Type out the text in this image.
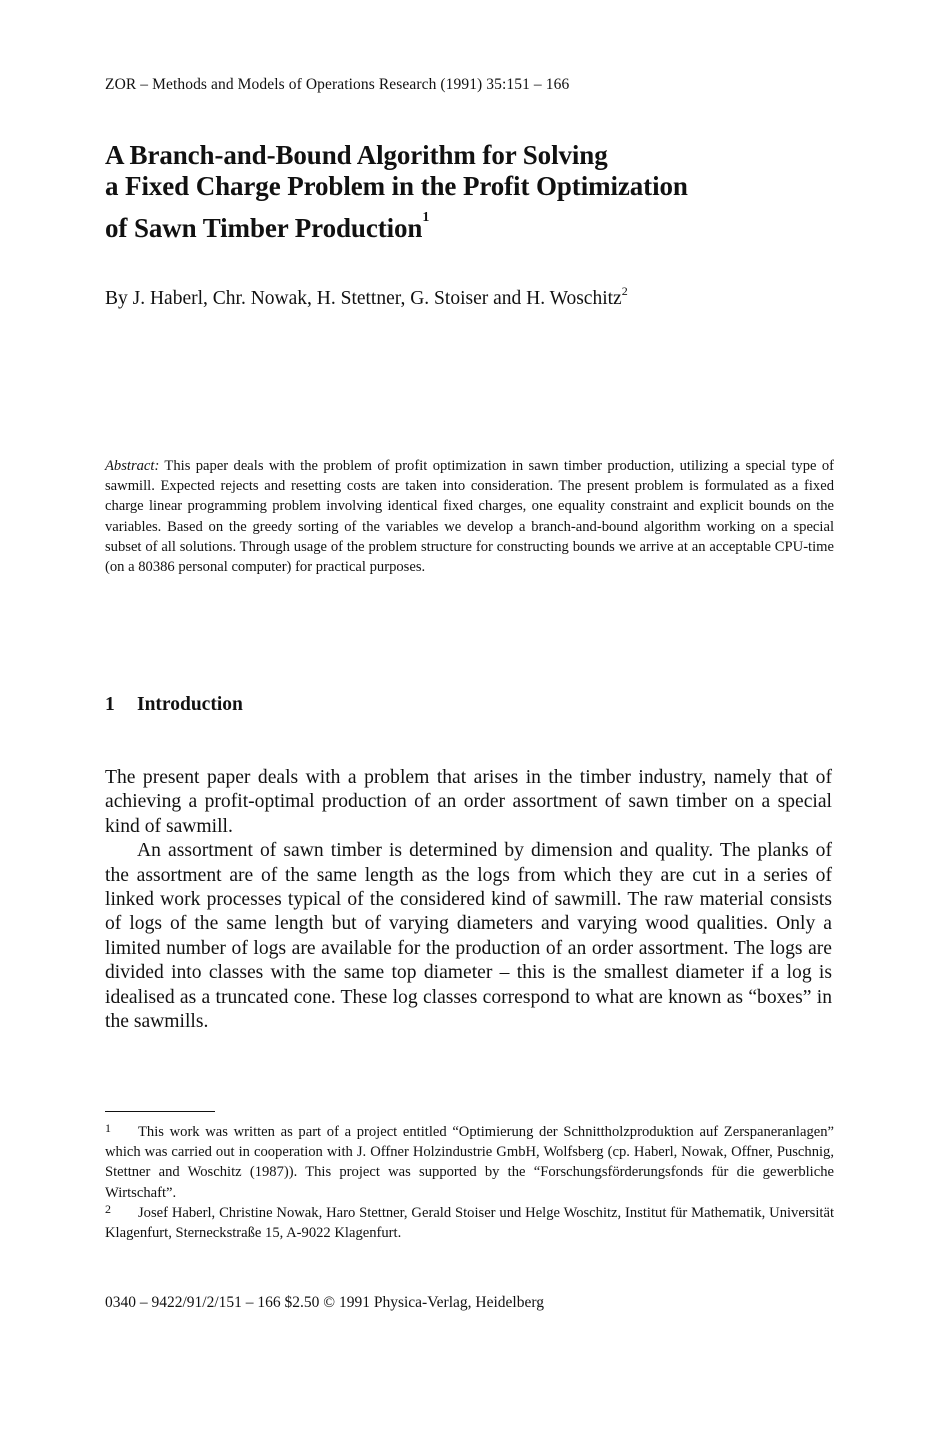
ZOR – Methods and Models of Operations Research (1991) 35:151 – 166
A Branch-and-Bound Algorithm for Solving
a Fixed Charge Problem in the Profit Optimization
of Sawn Timber Production$^1$
By J. Haberl, Chr. Nowak, H. Stettner, G. Stoiser and H. Woschitz$^2$
Abstract: This paper deals with the problem of profit optimization in sawn timber production, utilizing a special type of sawmill. Expected rejects and resetting costs are taken into consideration. The present problem is formulated as a fixed charge linear programming problem involving identical fixed charges, one equality constraint and explicit bounds on the variables. Based on the greedy sorting of the variables we develop a branch-and-bound algorithm working on a special subset of all solutions. Through usage of the problem structure for constructing bounds we arrive at an acceptable CPU-time (on a 80386 personal computer) for practical purposes.
1 Introduction

The present paper deals with a problem that arises in the timber industry, namely that of achieving a profit-optimal production of an order assortment of sawn timber on a special kind of sawmill.

An assortment of sawn timber is determined by dimension and quality. The planks of the assortment are of the same length as the logs from which they are cut in a series of linked work processes typical of the considered kind of sawmill. The raw material consists of logs of the same length but of varying diameters and varying wood qualities. Only a limited number of logs are available for the production of an order assortment. The logs are divided into classes with the same top diameter – this is the smallest diameter if a log is idealised as a truncated cone. These log classes correspond to what are known as “boxes” in the sawmills.

1 This work was written as part of a project entitled “Optimierung der Schnittholzproduktion auf Zerspaneranlagen” which was carried out in cooperation with J. Offner Holzindustrie GmbH, Wolfsberg (cp. Haberl, Nowak, Offner, Puschnig, Stettner and Woschitz (1987)). This project was supported by the “Forschungsförderungsfonds für die gewerbliche Wirtschaft”.

2 Josef Haberl, Christine Nowak, Haro Stettner, Gerald Stoiser und Helge Woschitz, Institut für Mathematik, Universität Klagenfurt, Sterneckstraße 15, A-9022 Klagenfurt.

0340 – 9422/91/2/151 – 166 $2.50 © 1991 Physica-Verlag, Heidelberg
